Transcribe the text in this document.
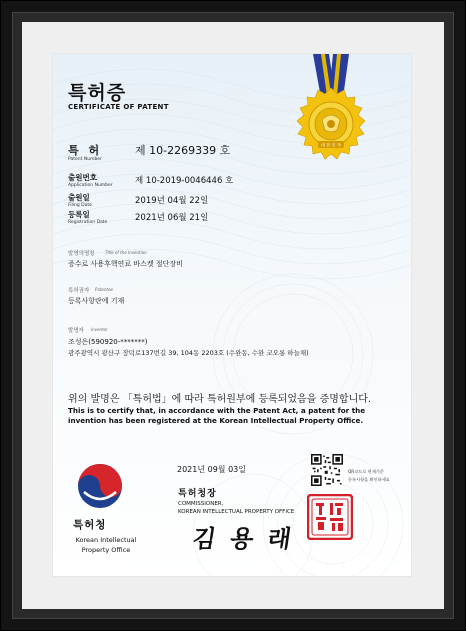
대 한 민 국
특허증
CERTIFICATE OF PATENT
특 허
Patent Number
제 10-2269339 호
출원번호
Application Number	제 10-2019-0046446 호
출원일
Filing Date	2019년 04월 22일
등록일
Registration Date	2021년 06월 21일
발명의명칭	Title of the Invention
증수로 사용후핵연료 바스켓 절단장비
특허권자 Patentee
등록사항란에 기재
발명자 Inventor
조성은(590920-*******)
광주광역시 광산구 장덕로137번길 39, 104동 2203호 (수완동, 수완 코오롱 하늘채)
위의 발명은 「특허법」에 따라 특허원부에 등록되었음을 증명합니다.
This is to certify that, in accordance with the Patent Act, a patent for the invention has been registered at the Korean Intellectual Property Office.
특허청
Korean Intellectual
Property Office
2021년 09월 03일
특허청장
COMMISSIONER,
KOREAN INTELLECTUAL PROPERTY OFFICE
김 용 래
QR코드로 현재기준
등록사항을 확인하세요
